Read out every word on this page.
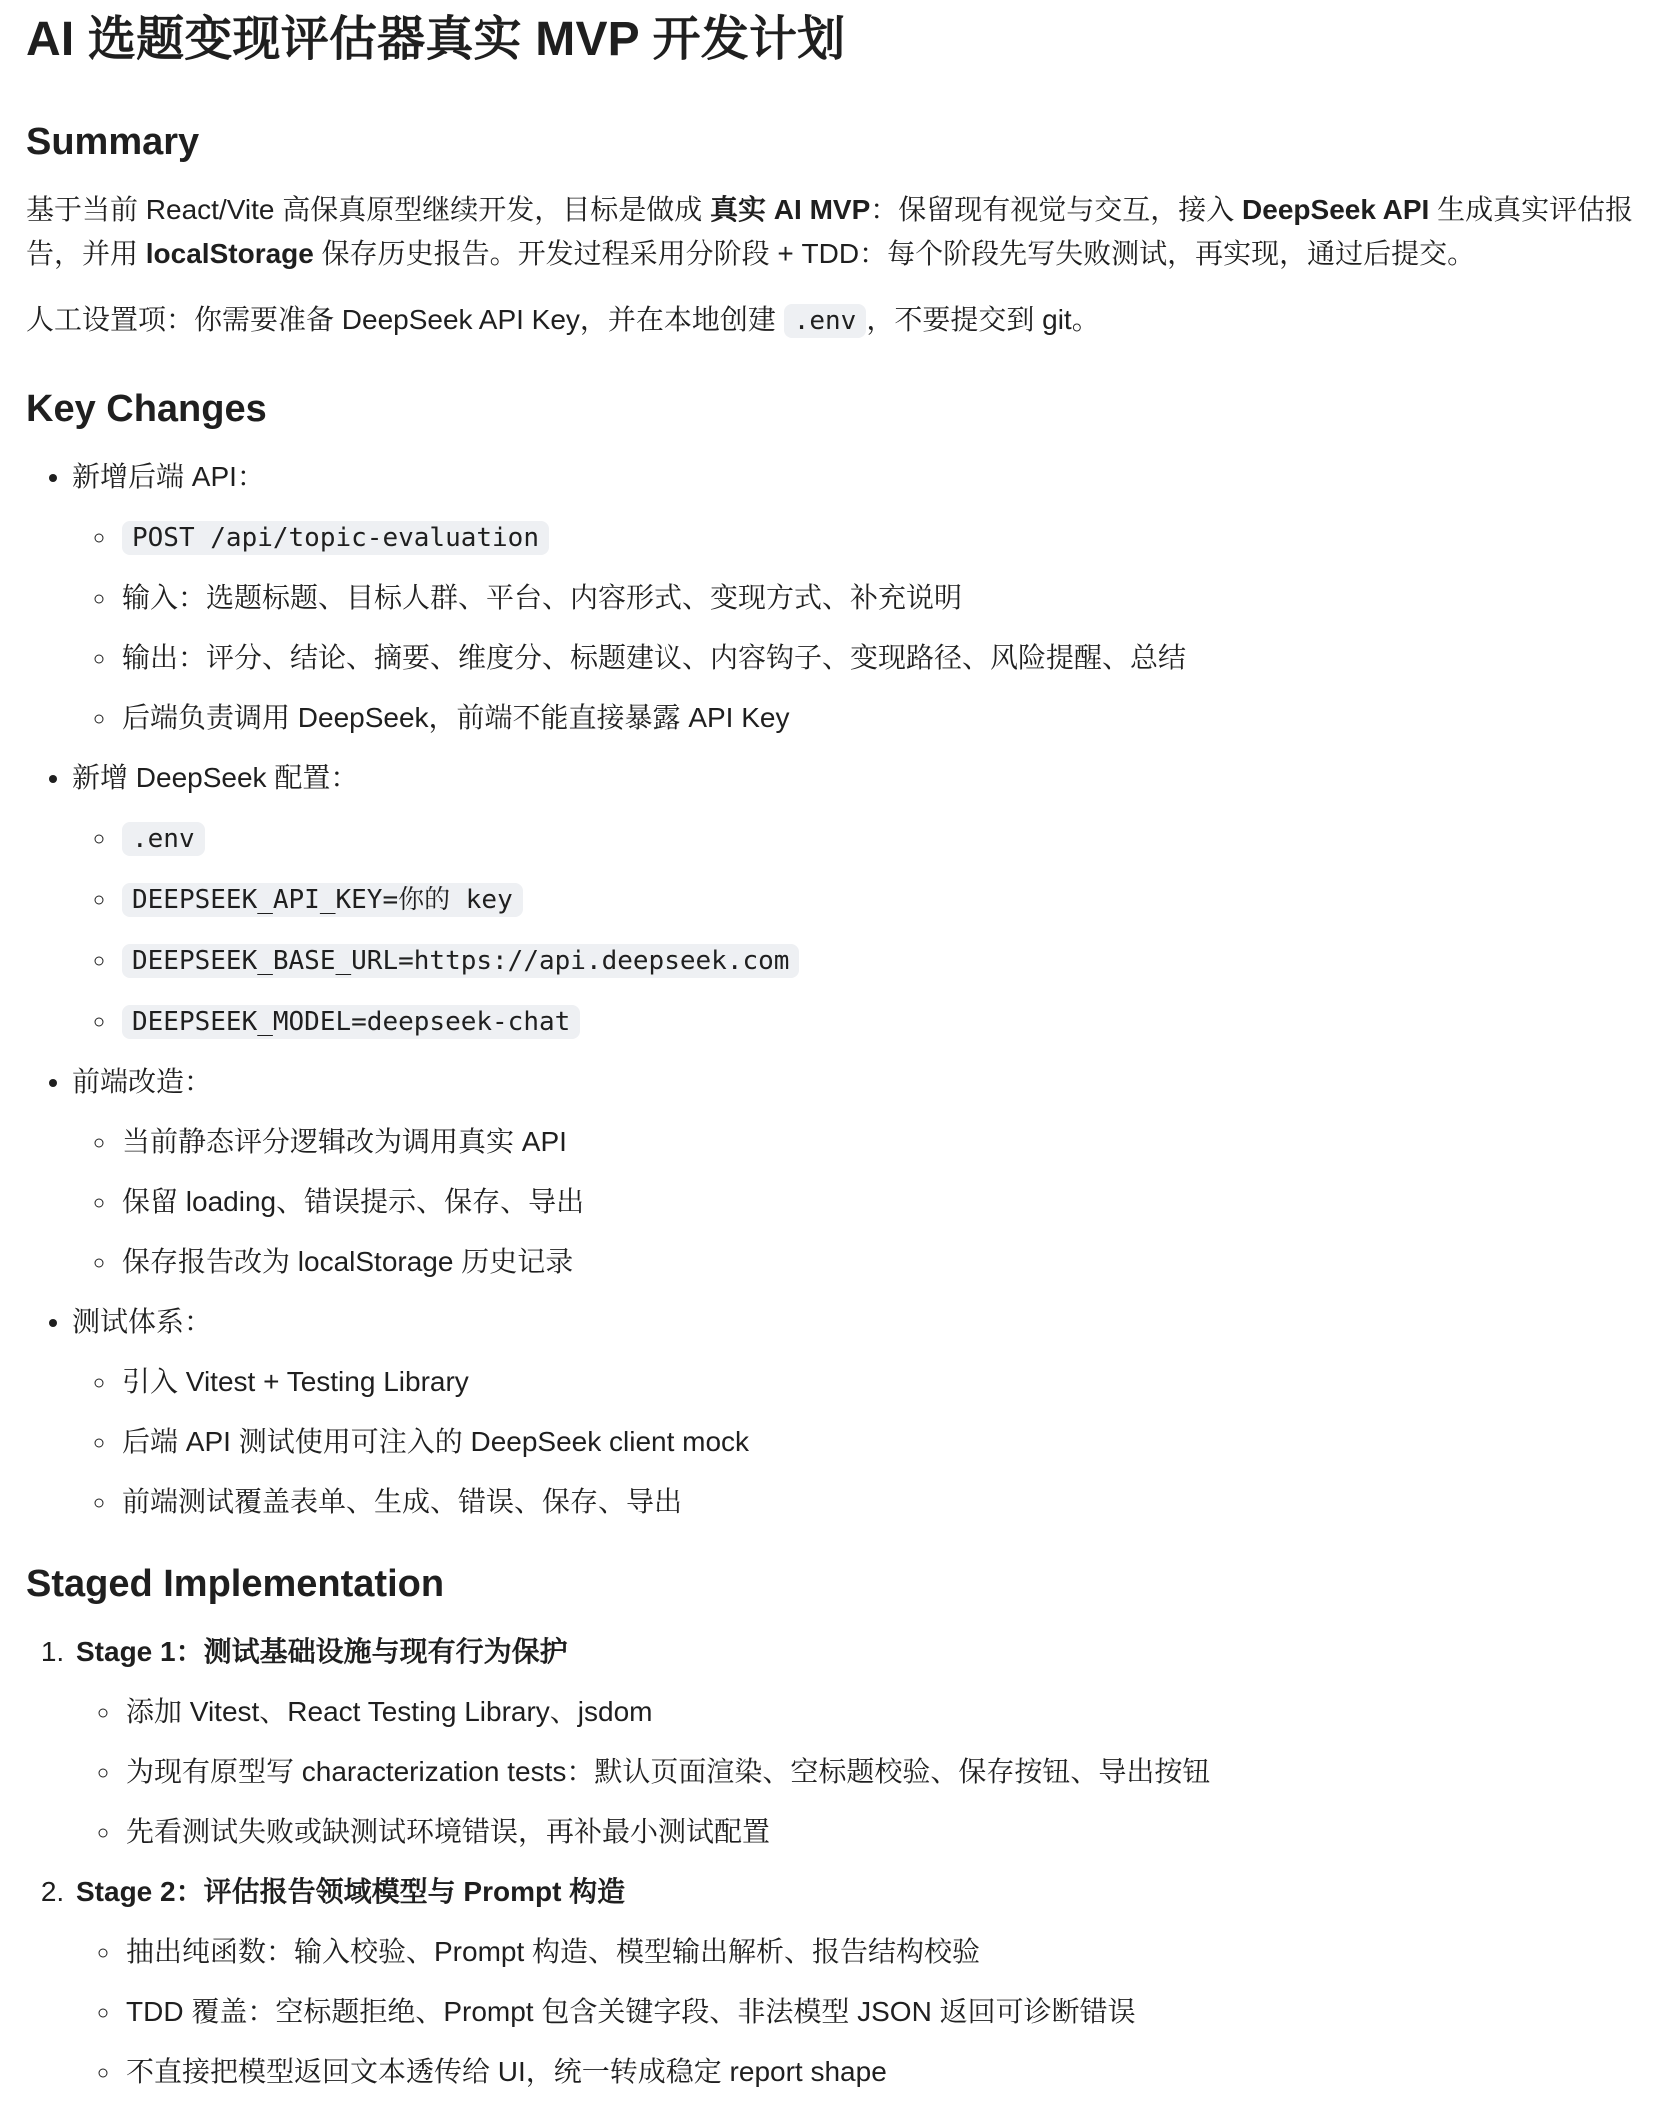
AI 选题变现评估器真实 MVP 开发计划
Summary

基于当前 React/Vite 高保真原型继续开发，目标是做成 真实 AI MVP：保留现有视觉与交互，接入 DeepSeek API 生成真实评估报告，并用 localStorage 保存历史报告。开发过程采用分阶段 + TDD：每个阶段先写失败测试，再实现，通过后提交。

人工设置项：你需要准备 DeepSeek API Key，并在本地创建 .env ，不要提交到 git。

Key Changes
• 新增后端 API：
◦ POST /api/topic-evaluation
◦ 输入：选题标题、目标人群、平台、内容形式、变现方式、补充说明
◦ 输出：评分、结论、摘要、维度分、标题建议、内容钩子、变现路径、风险提醒、总结
◦ 后端负责调用 DeepSeek，前端不能直接暴露 API Key
• 新增 DeepSeek 配置：
◦ .env
◦ DEEPSEEK_API_KEY=你的 key
◦ DEEPSEEK_BASE_URL=https://api.deepseek.com
◦ DEEPSEEK_MODEL=deepseek-chat
• 前端改造：
◦ 当前静态评分逻辑改为调用真实 API
◦ 保留 loading、错误提示、保存、导出
◦ 保存报告改为 localStorage 历史记录
• 测试体系：
◦ 引入 Vitest + Testing Library
◦ 后端 API 测试使用可注入的 DeepSeek client mock
◦ 前端测试覆盖表单、生成、错误、保存、导出
Staged Implementation
1. Stage 1：测试基础设施与现有行为保护
◦ 添加 Vitest、React Testing Library、jsdom
◦ 为现有原型写 characterization tests：默认页面渲染、空标题校验、保存按钮、导出按钮
◦ 先看测试失败或缺测试环境错误，再补最小测试配置
2. Stage 2：评估报告领域模型与 Prompt 构造
◦ 抽出纯函数：输入校验、Prompt 构造、模型输出解析、报告结构校验
◦ TDD 覆盖：空标题拒绝、Prompt 包含关键字段、非法模型 JSON 返回可诊断错误
◦ 不直接把模型返回文本透传给 UI，统一转成稳定 report shape
